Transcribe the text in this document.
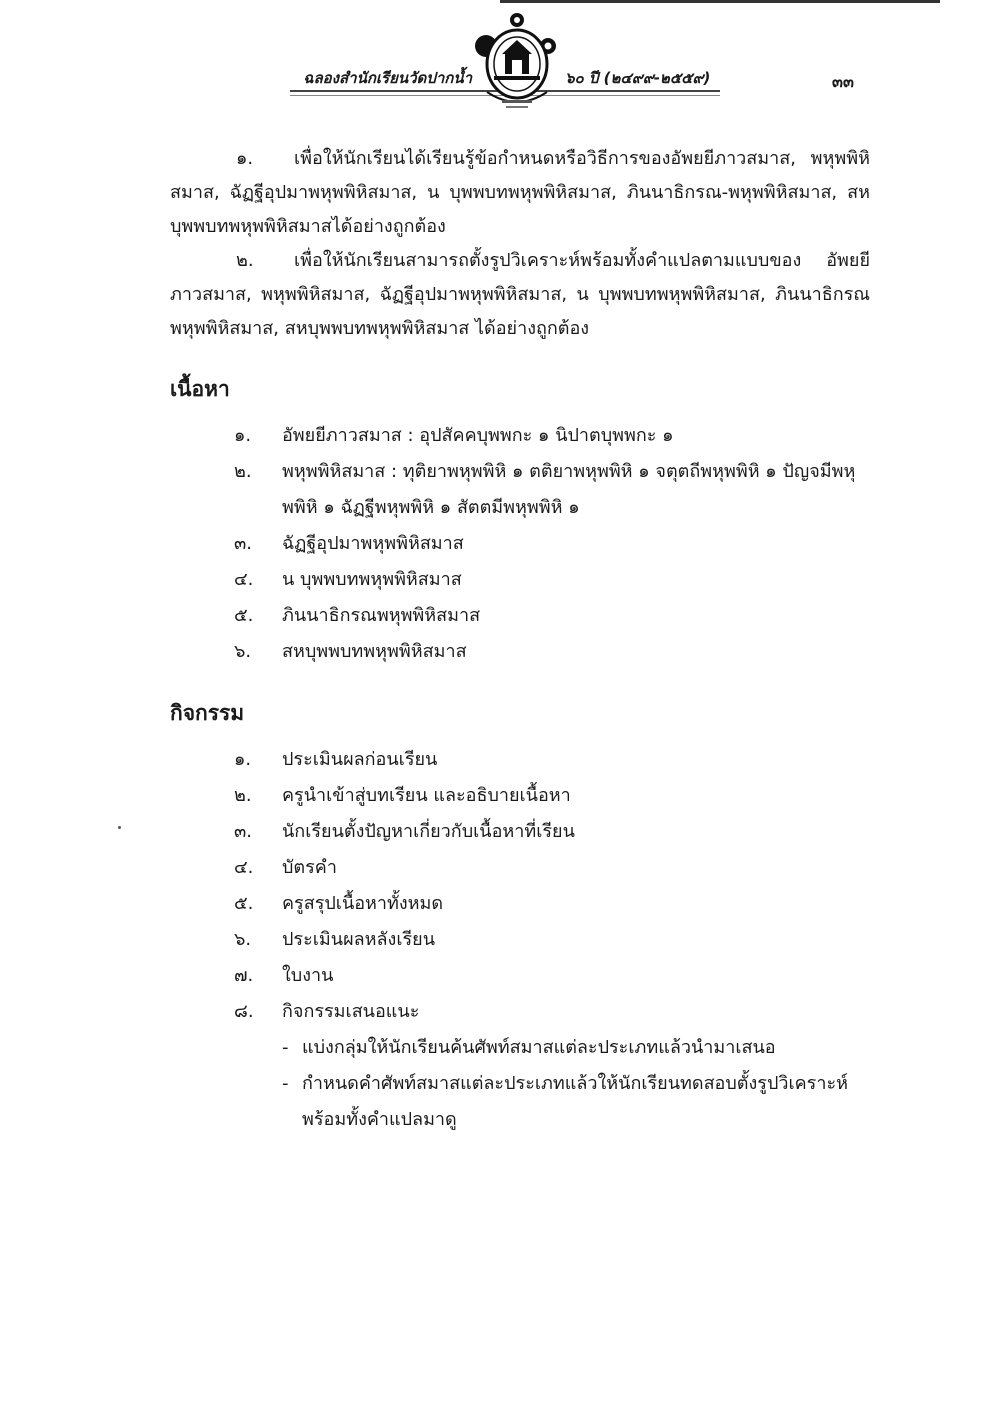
ฉลองสำนักเรียนวัดปากน้ำ	๖๐ ปี (๒๔๙๙-๒๕๕๙)	๓๓

๑. เพื่อให้นักเรียนได้เรียนรู้ข้อกำหนดหรือวิธีการของอัพยยีภาวสมาส, พหุพพิหิสมาส, ฉัฏฐีอุปมาพหุพพิหิสมาส, น บุพพบทพหุพพิหิสมาส, ภินนาธิกรณ-พหุพพิหิสมาส, สหบุพพบทพหุพพิหิสมาสได้อย่างถูกต้อง

๒. เพื่อให้นักเรียนสามารถตั้งรูปวิเคราะห์พร้อมทั้งคำแปลตามแบบของ อัพยยีภาวสมาส, พหุพพิหิสมาส, ฉัฏฐีอุปมาพหุพพิหิสมาส, น บุพพบทพหุพพิหิสมาส, ภินนาธิกรณพหุพพิหิสมาส, สหบุพพบทพหุพพิหิสมาส ได้อย่างถูกต้อง

เนื้อหา
๑. อัพยยีภาวสมาส : อุปสัคคบุพพกะ ๑ นิปาตบุพพกะ ๑
๒. พหุพพิหิสมาส : ทุติยาพหุพพิหิ ๑ ตติยาพหุพพิหิ ๑ จตุตถีพหุพพิหิ ๑ ปัญจมีพหุพพิหิ ๑ ฉัฏฐีพหุพพิหิ ๑ สัตตมีพหุพพิหิ ๑
๓. ฉัฏฐีอุปมาพหุพพิหิสมาส
๔. น บุพพบทพหุพพิหิสมาส
๕. ภินนาธิกรณพหุพพิหิสมาส
๖. สหบุพพบทพหุพพิหิสมาส
กิจกรรม
๑. ประเมินผลก่อนเรียน
๒. ครูนำเข้าสู่บทเรียน และอธิบายเนื้อหา
๓. นักเรียนตั้งปัญหาเกี่ยวกับเนื้อหาที่เรียน
๔. บัตรคำ
๕. ครูสรุปเนื้อหาทั้งหมด
๖. ประเมินผลหลังเรียน
๗. ใบงาน
๘. กิจกรรมเสนอแนะ
- แบ่งกลุ่มให้นักเรียนค้นศัพท์สมาสแต่ละประเภทแล้วนำมาเสนอ
- กำหนดคำศัพท์สมาสแต่ละประเภทแล้วให้นักเรียนทดสอบตั้งรูปวิเคราะห์ พร้อมทั้งคำแปลมาดู
